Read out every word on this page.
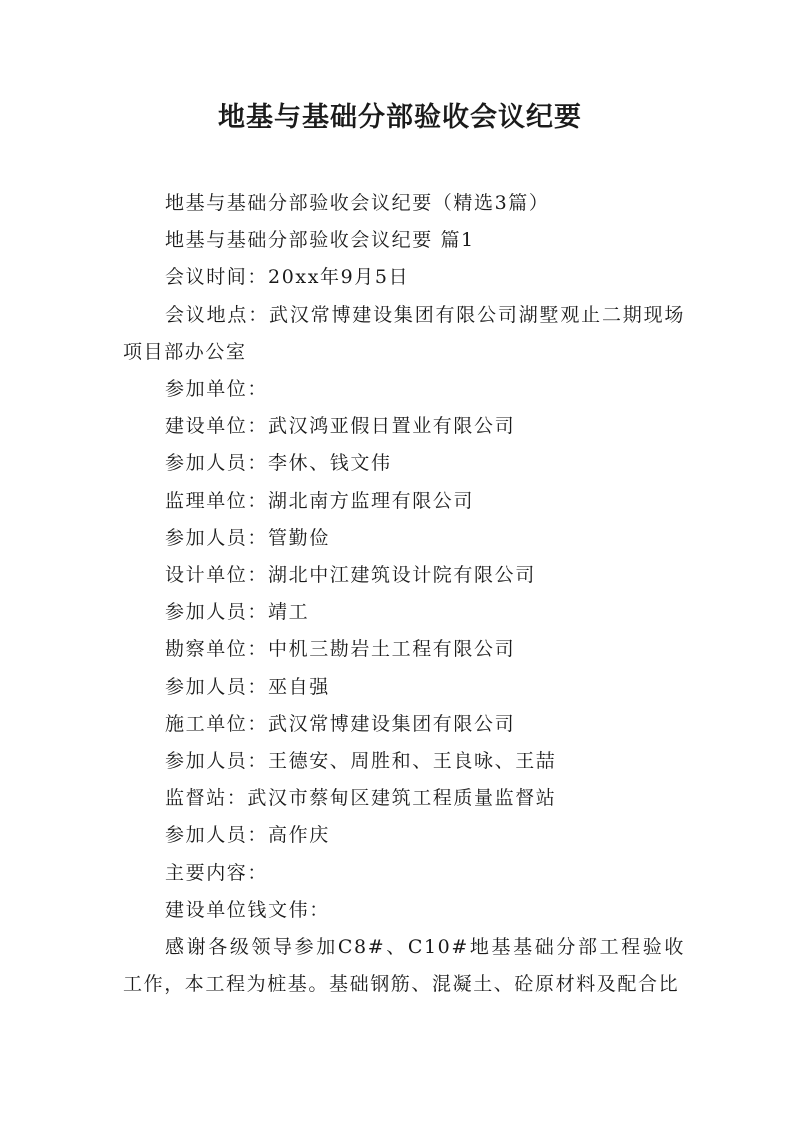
地基与基础分部验收会议纪要

地基与基础分部验收会议纪要（精选3篇）

地基与基础分部验收会议纪要 篇1

会议时间：20xx年9月5日

会议地点：武汉常博建设集团有限公司湖墅观止二期现场项目部办公室

参加单位：

建设单位：武汉鸿亚假日置业有限公司

参加人员：李休、钱文伟

监理单位：湖北南方监理有限公司

参加人员：管勤俭

设计单位：湖北中江建筑设计院有限公司

参加人员：靖工

勘察单位：中机三勘岩土工程有限公司

参加人员：巫自强

施工单位：武汉常博建设集团有限公司

参加人员：王德安、周胜和、王良咏、王喆

监督站：武汉市蔡甸区建筑工程质量监督站

参加人员：高作庆

主要内容：

建设单位钱文伟：

感谢各级领导参加C8#、C10#地基基础分部工程验收工作，本工程为桩基。基础钢筋、混凝土、砼原材料及配合比
